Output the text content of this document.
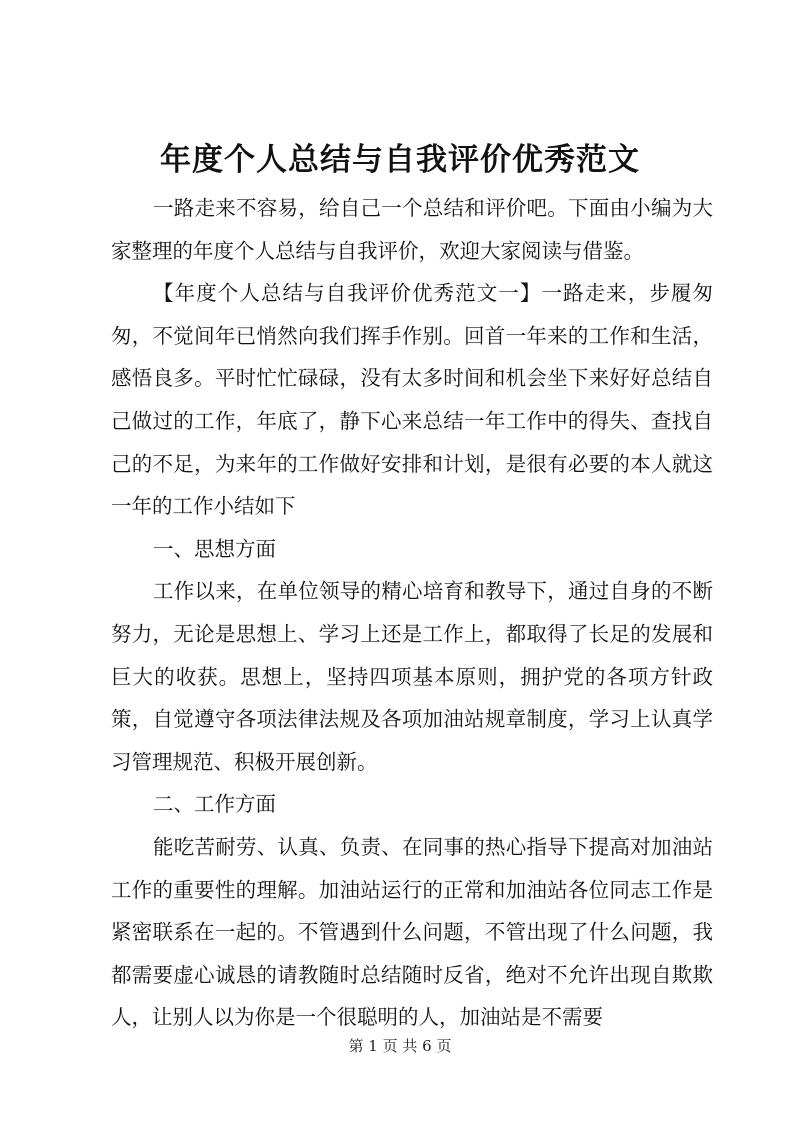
年度个人总结与自我评价优秀范文

一路走来不容易，给自己一个总结和评价吧。下面由小编为大家整理的年度个人总结与自我评价，欢迎大家阅读与借鉴。

【年度个人总结与自我评价优秀范文一】一路走来，步履匆匆，不觉间年已悄然向我们挥手作别。回首一年来的工作和生活，感悟良多。平时忙忙碌碌，没有太多时间和机会坐下来好好总结自己做过的工作，年底了，静下心来总结一年工作中的得失、查找自己的不足，为来年的工作做好安排和计划，是很有必要的本人就这一年的工作小结如下

一、思想方面

工作以来，在单位领导的精心培育和教导下，通过自身的不断努力，无论是思想上、学习上还是工作上，都取得了长足的发展和巨大的收获。思想上，坚持四项基本原则，拥护党的各项方针政策，自觉遵守各项法律法规及各项加油站规章制度，学习上认真学习管理规范、积极开展创新。

二、工作方面

能吃苦耐劳、认真、负责、在同事的热心指导下提高对加油站工作的重要性的理解。加油站运行的正常和加油站各位同志工作是紧密联系在一起的。不管遇到什么问题，不管出现了什么问题，我都需要虚心诚恳的请教随时总结随时反省，绝对不允许出现自欺欺人，让别人以为你是一个很聪明的人，加油站是不需要

第 1 页 共 6 页
